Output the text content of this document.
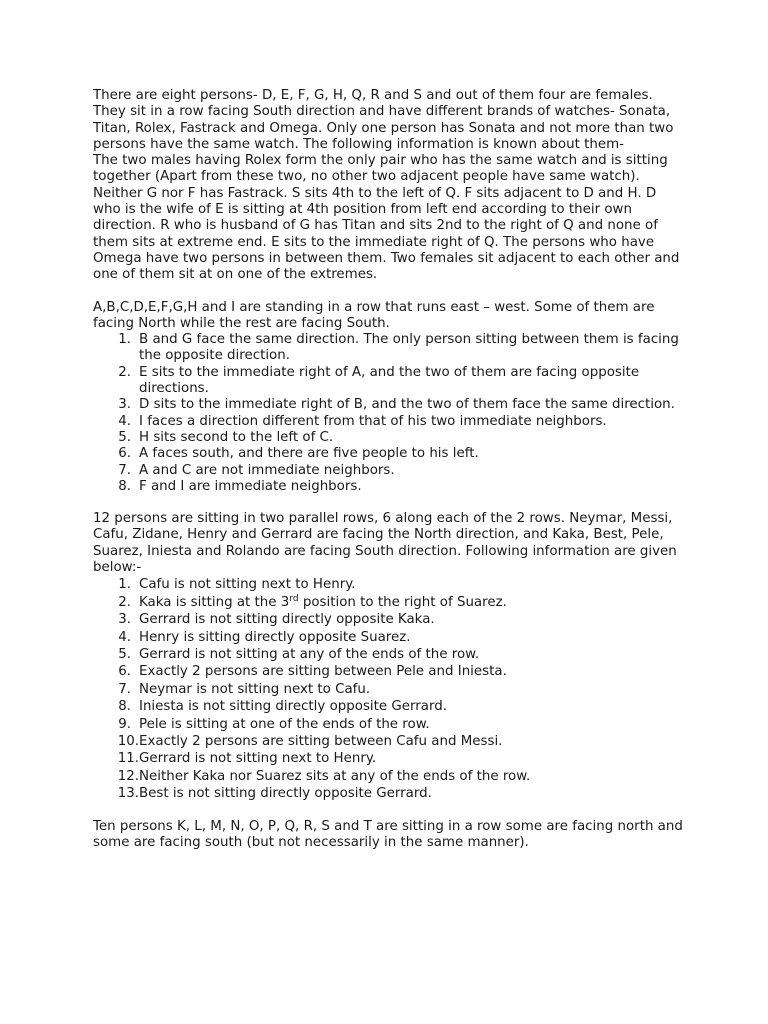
There are eight persons- D, E, F, G, H, Q, R and S and out of them four are females. They sit in a row facing South direction and have different brands of watches- Sonata, Titan, Rolex, Fastrack and Omega. Only one person has Sonata and not more than two persons have the same watch. The following information is known about them-

The two males having Rolex form the only pair who has the same watch and is sitting together (Apart from these two, no other two adjacent people have same watch). Neither G nor F has Fastrack. S sits 4th to the left of Q. F sits adjacent to D and H. D who is the wife of E is sitting at 4th position from left end according to their own direction. R who is husband of G has Titan and sits 2nd to the right of Q and none of them sits at extreme end. E sits to the immediate right of Q. The persons who have Omega have two persons in between them. Two females sit adjacent to each other and one of them sit at on one of the extremes.

A,B,C,D,E,F,G,H and I are standing in a row that runs east – west. Some of them are facing North while the rest are facing South.

1. B and G face the same direction. The only person sitting between them is facing the opposite direction.
2. E sits to the immediate right of A, and the two of them are facing opposite directions.
3. D sits to the immediate right of B, and the two of them face the same direction.
4. I faces a direction different from that of his two immediate neighbors.
5. H sits second to the left of C.
6. A faces south, and there are five people to his left.
7. A and C are not immediate neighbors.
8. F and I are immediate neighbors.

12 persons are sitting in two parallel rows, 6 along each of the 2 rows. Neymar, Messi, Cafu, Zidane, Henry and Gerrard are facing the North direction, and Kaka, Best, Pele, Suarez, Iniesta and Rolando are facing South direction. Following information are given below:-

1. Cafu is not sitting next to Henry.
2. Kaka is sitting at the 3rd position to the right of Suarez.
3. Gerrard is not sitting directly opposite Kaka.
4. Henry is sitting directly opposite Suarez.
5. Gerrard is not sitting at any of the ends of the row.
6. Exactly 2 persons are sitting between Pele and Iniesta.
7. Neymar is not sitting next to Cafu.
8. Iniesta is not sitting directly opposite Gerrard.
9. Pele is sitting at one of the ends of the row.
10. Exactly 2 persons are sitting between Cafu and Messi.
11. Gerrard is not sitting next to Henry.
12. Neither Kaka nor Suarez sits at any of the ends of the row.
13. Best is not sitting directly opposite Gerrard.

Ten persons K, L, M, N, O, P, Q, R, S and T are sitting in a row some are facing north and some are facing south (but not necessarily in the same manner).
